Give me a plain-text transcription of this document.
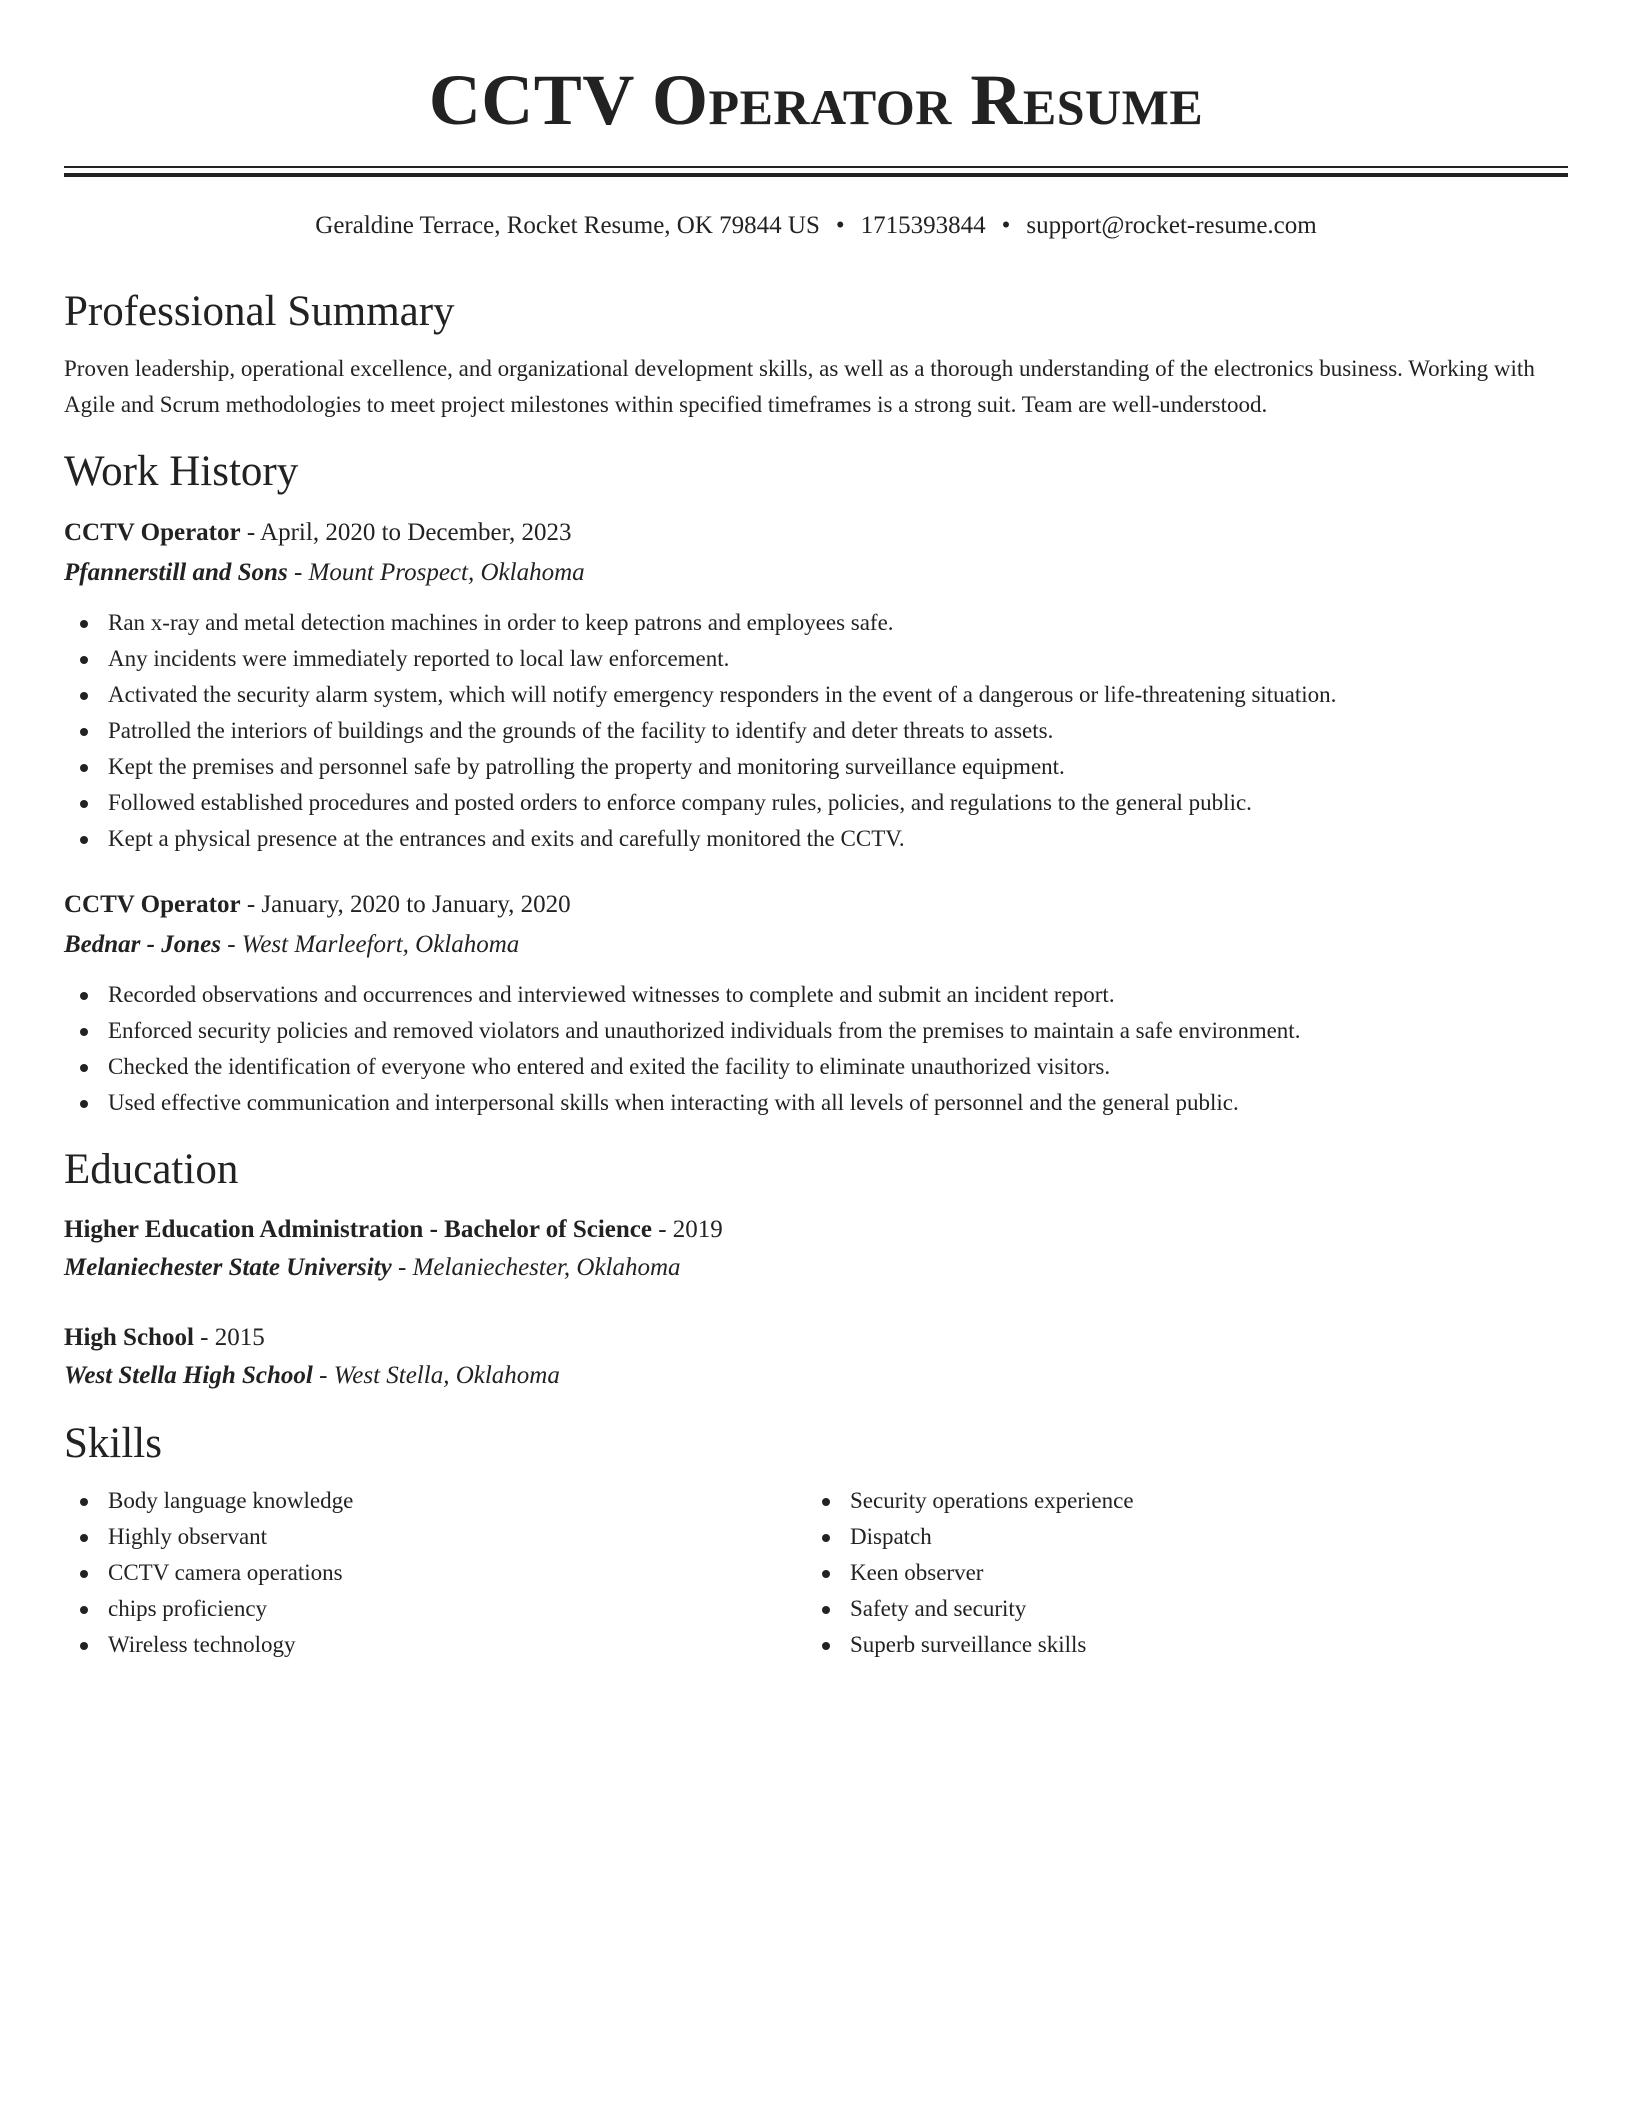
CCTV Operator Resume
Geraldine Terrace, Rocket Resume, OK 79844 US • 1715393844 • support@rocket-resume.com
Professional Summary

Proven leadership, operational excellence, and organizational development skills, as well as a thorough understanding of the electronics business. Working with Agile and Scrum methodologies to meet project milestones within specified timeframes is a strong suit. Team are well-understood.

Work History
CCTV Operator - April, 2020 to December, 2023
Pfannerstill and Sons - Mount Prospect, Oklahoma
Ran x-ray and metal detection machines in order to keep patrons and employees safe.
Any incidents were immediately reported to local law enforcement.
Activated the security alarm system, which will notify emergency responders in the event of a dangerous or life-threatening situation.
Patrolled the interiors of buildings and the grounds of the facility to identify and deter threats to assets.
Kept the premises and personnel safe by patrolling the property and monitoring surveillance equipment.
Followed established procedures and posted orders to enforce company rules, policies, and regulations to the general public.
Kept a physical presence at the entrances and exits and carefully monitored the CCTV.
CCTV Operator - January, 2020 to January, 2020
Bednar - Jones - West Marleefort, Oklahoma
Recorded observations and occurrences and interviewed witnesses to complete and submit an incident report.
Enforced security policies and removed violators and unauthorized individuals from the premises to maintain a safe environment.
Checked the identification of everyone who entered and exited the facility to eliminate unauthorized visitors.
Used effective communication and interpersonal skills when interacting with all levels of personnel and the general public.
Education
Higher Education Administration - Bachelor of Science - 2019
Melaniechester State University - Melaniechester, Oklahoma
High School - 2015
West Stella High School - West Stella, Oklahoma
Skills
Body language knowledge
Highly observant
CCTV camera operations
chips proficiency
Wireless technology
Security operations experience
Dispatch
Keen observer
Safety and security
Superb surveillance skills
